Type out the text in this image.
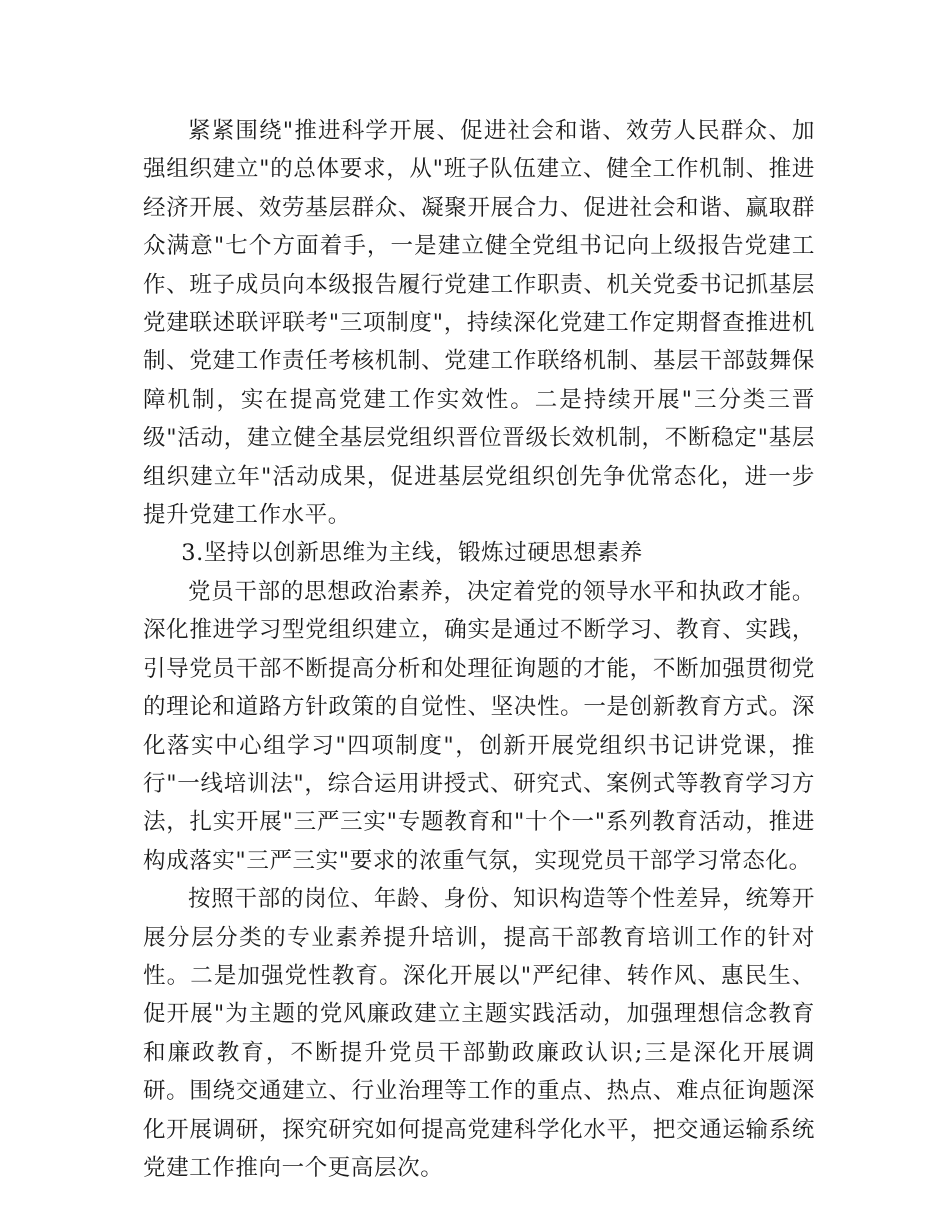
紧紧围绕"推进科学开展、促进社会和谐、效劳人民群众、加强组织建立"的总体要求，从"班子队伍建立、健全工作机制、推进经济开展、效劳基层群众、凝聚开展合力、促进社会和谐、赢取群众满意"七个方面着手，一是建立健全党组书记向上级报告党建工作、班子成员向本级报告履行党建工作职责、机关党委书记抓基层党建联述联评联考"三项制度"，持续深化党建工作定期督查推进机制、党建工作责任考核机制、党建工作联络机制、基层干部鼓舞保障机制，实在提高党建工作实效性。二是持续开展"三分类三晋级"活动，建立健全基层党组织晋位晋级长效机制，不断稳定"基层组织建立年"活动成果，促进基层党组织创先争优常态化，进一步提升党建工作水平。

3.坚持以创新思维为主线，锻炼过硬思想素养

党员干部的思想政治素养，决定着党的领导水平和执政才能。深化推进学习型党组织建立，确实是通过不断学习、教育、实践，引导党员干部不断提高分析和处理征询题的才能，不断加强贯彻党的理论和道路方针政策的自觉性、坚决性。一是创新教育方式。深化落实中心组学习"四项制度"，创新开展党组织书记讲党课，推行"一线培训法"，综合运用讲授式、研究式、案例式等教育学习方法，扎实开展"三严三实"专题教育和"十个一"系列教育活动，推进构成落实"三严三实"要求的浓重气氛，实现党员干部学习常态化。

按照干部的岗位、年龄、身份、知识构造等个性差异，统筹开展分层分类的专业素养提升培训，提高干部教育培训工作的针对性。二是加强党性教育。深化开展以"严纪律、转作风、惠民生、促开展"为主题的党风廉政建立主题实践活动，加强理想信念教育和廉政教育，不断提升党员干部勤政廉政认识;三是深化开展调研。围绕交通建立、行业治理等工作的重点、热点、难点征询题深化开展调研，探究研究如何提高党建科学化水平，把交通运输系统党建工作推向一个更高层次。
